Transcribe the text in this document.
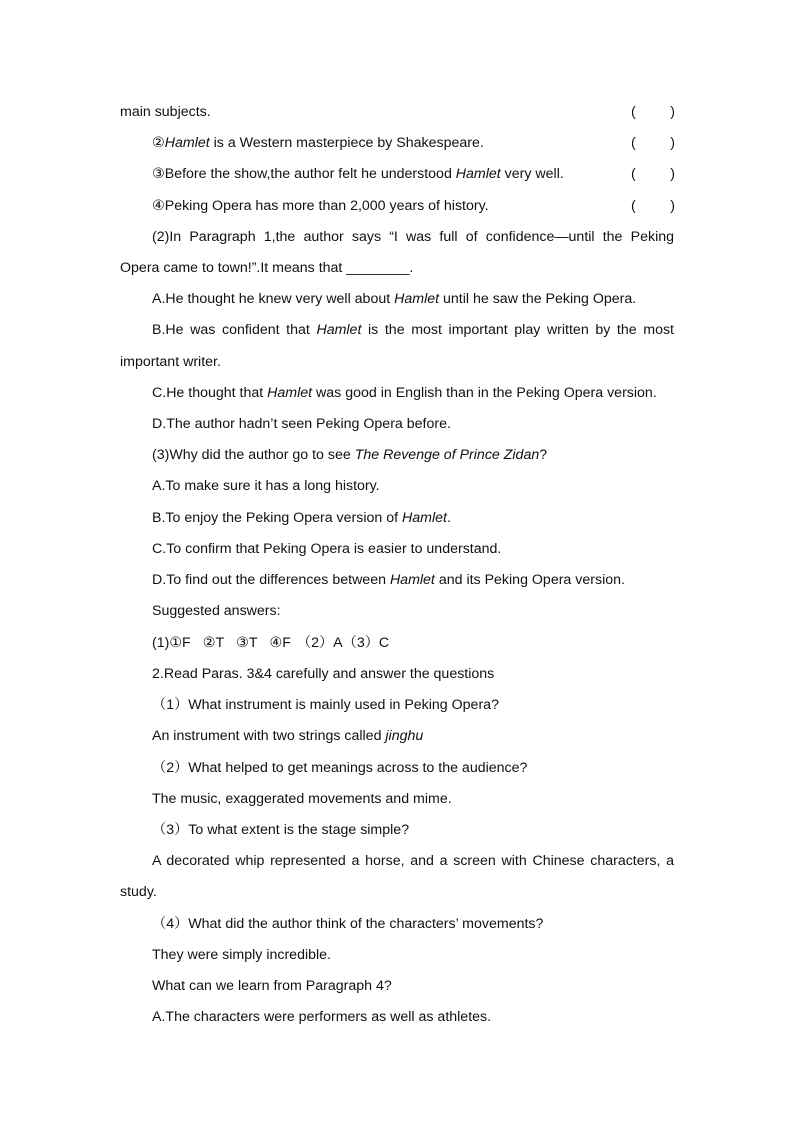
main subjects.	( )
②Hamlet is a Western masterpiece by Shakespeare.	( )
③Before the show,the author felt he understood Hamlet very well.	( )
④Peking Opera has more than 2,000 years of history.	( )
(2)In Paragraph 1,the author says “I was full of confidence—until the Peking
Opera came to town!”.It means that ________.
A.He thought he knew very well about Hamlet until he saw the Peking Opera.
B.He was confident that Hamlet is the most important play written by the most
important writer.
C.He thought that Hamlet was good in English than in the Peking Opera version.
D.The author hadn’t seen Peking Opera before.
(3)Why did the author go to see The Revenge of Prince Zidan?
A.To make sure it has a long history.
B.To enjoy the Peking Opera version of Hamlet.
C.To confirm that Peking Opera is easier to understand.
D.To find out the differences between Hamlet and its Peking Opera version.
Suggested answers:
(1)①F ②T ③T ④F （2）A（3）C
2.Read Paras. 3&4 carefully and answer the questions
（1）What instrument is mainly used in Peking Opera?
An instrument with two strings called jinghu
（2）What helped to get meanings across to the audience?
The music, exaggerated movements and mime.
（3）To what extent is the stage simple?
A decorated whip represented a horse, and a screen with Chinese characters, a
study.
（4）What did the author think of the characters’ movements?
They were simply incredible.
What can we learn from Paragraph 4?
A.The characters were performers as well as athletes.
